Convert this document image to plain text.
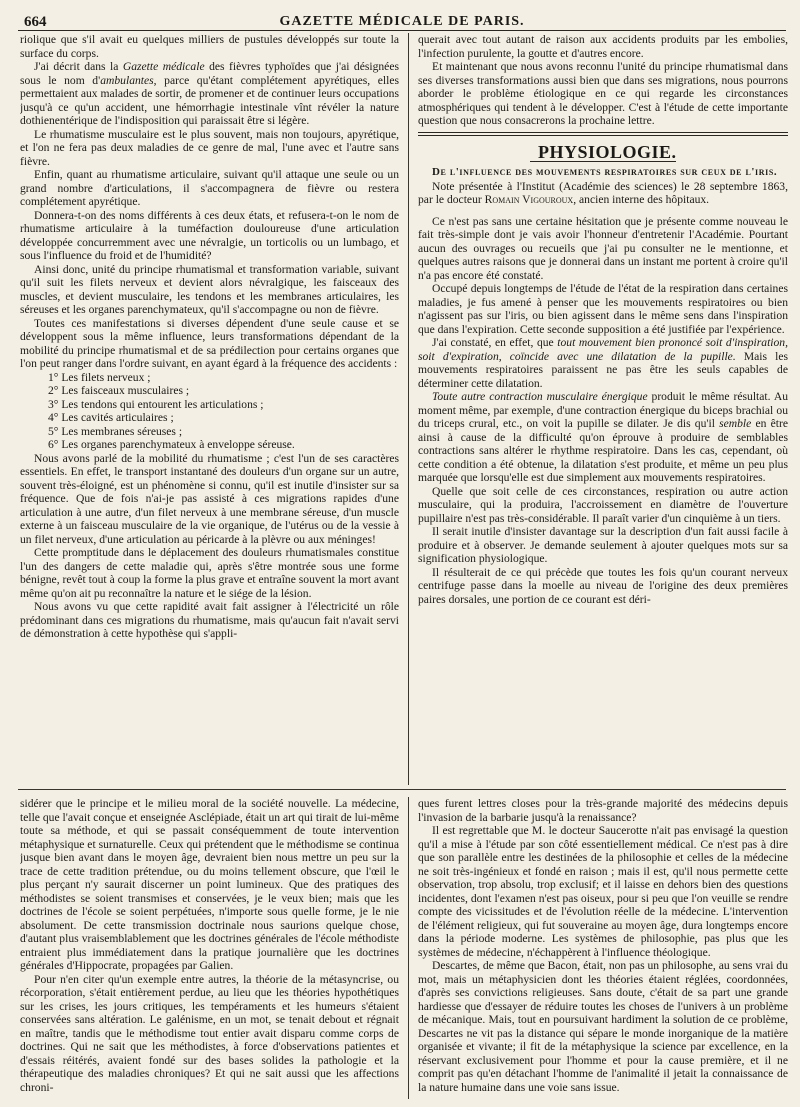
664	GAZETTE MÉDICALE DE PARIS.

riolique que s'il avait eu quelques milliers de pustules développés sur toute la surface du corps.

J'ai décrit dans la Gazette médicale des fièvres typhoïdes que j'ai désignées sous le nom d'ambulantes, parce qu'étant complétement apyrétiques, elles permettaient aux malades de sortir, de promener et de continuer leurs occupations jusqu'à ce qu'un accident, une hémorrhagie intestinale vînt révéler la nature dothienentérique de l'indisposition qui paraissait être si légère.

Le rhumatisme musculaire est le plus souvent, mais non toujours, apyrétique, et l'on ne fera pas deux maladies de ce genre de mal, l'une avec et l'autre sans fièvre.

Enfin, quant au rhumatisme articulaire, suivant qu'il attaque une seule ou un grand nombre d'articulations, il s'accompagnera de fièvre ou restera complétement apyrétique.

Donnera-t-on des noms différents à ces deux états, et refusera-t-on le nom de rhumatisme articulaire à la tuméfaction douloureuse d'une articulation développée concurremment avec une névralgie, un torticolis ou un lumbago, et sous l'influence du froid et de l'humidité?

Ainsi donc, unité du principe rhumatismal et transformation variable, suivant qu'il suit les filets nerveux et devient alors névralgique, les faisceaux des muscles, et devient musculaire, les tendons et les membranes articulaires, les séreuses et les organes parenchymateux, qu'il s'accompagne ou non de fièvre.

Toutes ces manifestations si diverses dépendent d'une seule cause et se développent sous la même influence, leurs transformations dépendant de la mobilité du principe rhumatismal et de sa prédilection pour certains organes que l'on peut ranger dans l'ordre suivant, en ayant égard à la fréquence des accidents :

1° Les filets nerveux ;
2° Les faisceaux musculaires ;
3° Les tendons qui entourent les articulations ;
4° Les cavités articulaires ;
5° Les membranes séreuses ;
6° Les organes parenchymateux à enveloppe séreuse.

Nous avons parlé de la mobilité du rhumatisme ; c'est l'un de ses caractères essentiels. En effet, le transport instantané des douleurs d'un organe sur un autre, souvent très-éloigné, est un phénomène si connu, qu'il est inutile d'insister sur sa fréquence. Que de fois n'ai-je pas assisté à ces migrations rapides d'une articulation à une autre, d'un filet nerveux à une membrane séreuse, d'un muscle externe à un faisceau musculaire de la vie organique, de l'utérus ou de la vessie à un filet nerveux, d'une articulation au péricarde à la plèvre ou aux méninges!

Cette promptitude dans le déplacement des douleurs rhumatismales constitue l'un des dangers de cette maladie qui, après s'être montrée sous une forme bénigne, revêt tout à coup la forme la plus grave et entraîne souvent la mort avant même qu'on ait pu reconnaître la nature et le siége de la lésion.

Nous avons vu que cette rapidité avait fait assigner à l'électricité un rôle prédominant dans ces migrations du rhumatisme, mais qu'aucun fait n'avait servi de démonstration à cette hypothèse qui s'appli-

querait avec tout autant de raison aux accidents produits par les embolies, l'infection purulente, la goutte et d'autres encore.

Et maintenant que nous avons reconnu l'unité du principe rhumatismal dans ses diverses transformations aussi bien que dans ses migrations, nous pourrons aborder le problème étiologique en ce qui regarde les circonstances atmosphériques qui tendent à le développer. C'est à l'étude de cette importante question que nous consacrerons la prochaine lettre.

PHYSIOLOGIE.

De l'influence des mouvements respiratoires sur ceux de l'iris.

Note présentée à l'Institut (Académie des sciences) le 28 septembre 1863, par le docteur Romain Vigouroux, ancien interne des hôpitaux.

Ce n'est pas sans une certaine hésitation que je présente comme nouveau le fait très-simple dont je vais avoir l'honneur d'entretenir l'Académie. Pourtant aucun des ouvrages ou recueils que j'ai pu consulter ne le mentionne, et quelques autres raisons que je donnerai dans un instant me portent à croire qu'il n'a pas encore été constaté.

Occupé depuis longtemps de l'étude de l'état de la respiration dans certaines maladies, je fus amené à penser que les mouvements respiratoires ou bien n'agissent pas sur l'iris, ou bien agissent dans le même sens dans l'inspiration que dans l'expiration. Cette seconde supposition a été justifiée par l'expérience.

J'ai constaté, en effet, que tout mouvement bien prononcé soit d'inspiration, soit d'expiration, coïncide avec une dilatation de la pupille. Mais les mouvements respiratoires paraissent ne pas être les seuls capables de déterminer cette dilatation.

Toute autre contraction musculaire énergique produit le même résultat. Au moment même, par exemple, d'une contraction énergique du biceps brachial ou du triceps crural, etc., on voit la pupille se dilater. Je dis qu'il semble en être ainsi à cause de la difficulté qu'on éprouve à produire de semblables contractions sans altérer le rhythme respiratoire. Dans les cas, cependant, où cette condition a été obtenue, la dilatation s'est produite, et même un peu plus marquée que lorsqu'elle est due simplement aux mouvements respiratoires.

Quelle que soit celle de ces circonstances, respiration ou autre action musculaire, qui la produira, l'accroissement en diamètre de l'ouverture pupillaire n'est pas très-considérable. Il paraît varier d'un cinquième à un tiers.

Il serait inutile d'insister davantage sur la description d'un fait aussi facile à produire et à observer. Je demande seulement à ajouter quelques mots sur sa signification physiologique.

Il résulterait de ce qui précède que toutes les fois qu'un courant nerveux centrifuge passe dans la moelle au niveau de l'origine des deux premières paires dorsales, une portion de ce courant est déri-

sidérer que le principe et le milieu moral de la société nouvelle. La médecine, telle que l'avait conçue et enseignée Asclépiade, était un art qui tirait de lui-même toute sa méthode, et qui se passait conséquemment de toute intervention métaphysique et surnaturelle. Ceux qui prétendent que le méthodisme se continua jusque bien avant dans le moyen âge, devraient bien nous mettre un peu sur la trace de cette tradition prétendue, ou du moins tellement obscure, que l'œil le plus perçant n'y saurait discerner un point lumineux. Que des pratiques des méthodistes se soient transmises et conservées, je le veux bien; mais que les doctrines de l'école se soient perpétuées, n'importe sous quelle forme, je le nie absolument. De cette transmission doctrinale nous saurions quelque chose, d'autant plus vraisemblablement que les doctrines générales de l'école méthodiste entraient plus immédiatement dans la pratique journalière que les doctrines générales d'Hippocrate, propagées par Galien.

Pour n'en citer qu'un exemple entre autres, la théorie de la métasyncrise, ou récorporation, s'était entièrement perdue, au lieu que les théories hypothétiques sur les crises, les jours critiques, les tempéraments et les humeurs s'étaient conservées sans altération. Le galénisme, en un mot, se tenait debout et régnait en maître, tandis que le méthodisme tout entier avait disparu comme corps de doctrines. Qui ne sait que les méthodistes, à force d'observations patientes et d'essais réitérés, avaient fondé sur des bases solides la pathologie et la thérapeutique des maladies chroniques? Et qui ne sait aussi que les affections chroni-

ques furent lettres closes pour la très-grande majorité des médecins depuis l'invasion de la barbarie jusqu'à la renaissance?

Il est regrettable que M. le docteur Saucerotte n'ait pas envisagé la question qu'il a mise à l'étude par son côté essentiellement médical. Ce n'est pas à dire que son parallèle entre les destinées de la philosophie et celles de la médecine ne soit très-ingénieux et fondé en raison ; mais il est, qu'il nous permette cette observation, trop absolu, trop exclusif; et il laisse en dehors bien des questions incidentes, dont l'examen n'est pas oiseux, pour si peu que l'on veuille se rendre compte des vicissitudes et de l'évolution réelle de la médecine. L'intervention de l'élément religieux, qui fut souveraine au moyen âge, dura longtemps encore dans la période moderne. Les systèmes de philosophie, pas plus que les systèmes de médecine, n'échappèrent à l'influence théologique.

Descartes, de même que Bacon, était, non pas un philosophe, au sens vrai du mot, mais un métaphysicien dont les théories étaient réglées, coordonnées, d'après ses convictions religieuses. Sans doute, c'était de sa part une grande hardiesse que d'essayer de réduire toutes les choses de l'univers à un problème de mécanique. Mais, tout en poursuivant hardiment la solution de ce problème, Descartes ne vit pas la distance qui sépare le monde inorganique de la matière organisée et vivante; il fit de la métaphysique la science par excellence, en la réservant exclusivement pour l'homme et pour la cause première, et il ne comprit pas qu'en détachant l'homme de l'animalité il jetait la connaissance de la nature humaine dans une voie sans issue.
